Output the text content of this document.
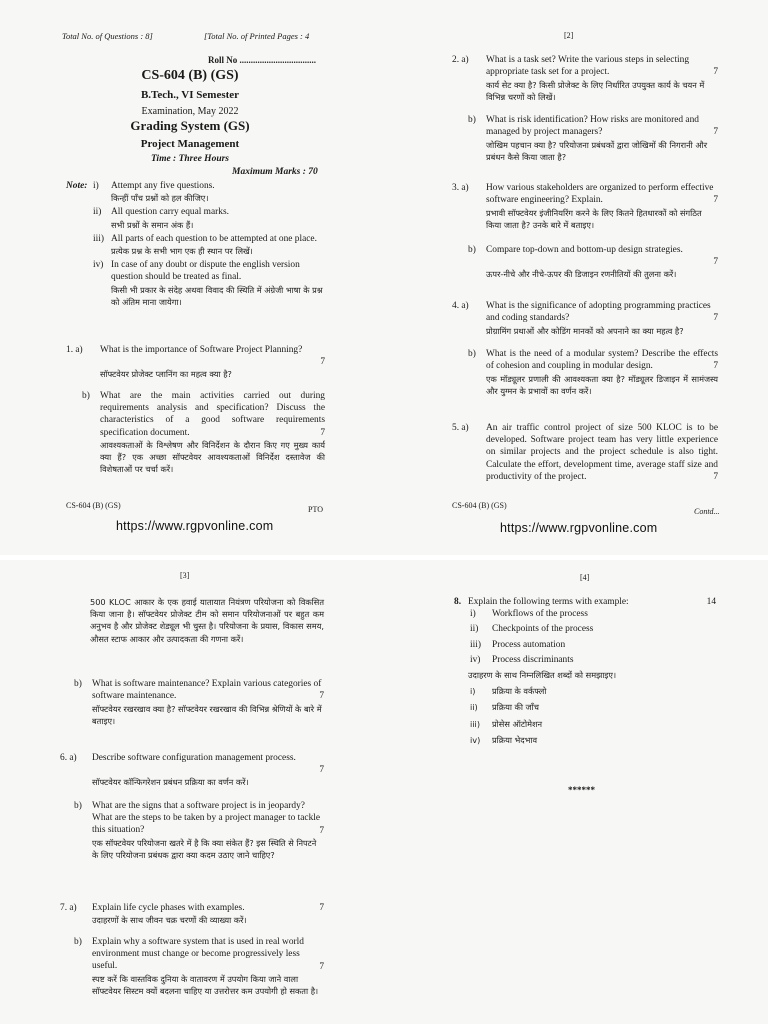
Total No. of Questions : 8]	[Total No. of Printed Pages : 4
Roll No ..................................
CS-604 (B) (GS)
B.Tech., VI Semester
Examination, May 2022
Grading System (GS)
Project Management
Time : Three Hours
Maximum Marks : 70
Note: i) Attempt any five questions.
किन्हीं पाँच प्रश्नों को हल कीजिए।
ii) All question carry equal marks.
सभी प्रश्नों के समान अंक हैं।
iii) All parts of each question to be attempted at one place.
प्रत्येक प्रश्न के सभी भाग एक ही स्थान पर लिखें।
iv) In case of any doubt or dispute the english version question should be treated as final.
किसी भी प्रकार के संदेह अथवा विवाद की स्थिति में अंग्रेजी भाषा के प्रश्न को अंतिम माना जायेगा।
1. a) What is the importance of Software Project Planning?
7
सॉफ्टवेयर प्रोजेक्ट प्लानिंग का महत्व क्या है?
b) What are the main activities carried out during requirements analysis and specification? Discuss the characteristics of a good software requirements specification document.	7
आवश्यकताओं के विश्लेषण और विनिर्देशन के दौरान किए गए मुख्य कार्य क्या हैं? एक अच्छा सॉफ्टवेयर आवश्यकताओं विनिर्देश दस्तावेज की विशेषताओं पर चर्चा करें।
CS-604 (B) (GS)	PTO
https://www.rgpvonline.com
[2]
2. a) What is a task set? Write the various steps in selecting appropriate task set for a project.	7
कार्य सेट क्या है? किसी प्रोजेक्ट के लिए निर्धारित उपयुक्त कार्य के चयन में विभिन्न चरणों को लिखें।
b) What is risk identification? How risks are monitored and managed by project managers?	7
जोखिम पहचान क्या है? परियोजना प्रबंधकों द्वारा जोखिमों की निगरानी और प्रबंधन कैसे किया जाता है?
3. a) How various stakeholders are organized to perform effective software engineering? Explain.	7
प्रभावी सॉफ्टवेयर इंजीनियरिंग करने के लिए कितने हितधारकों को संगठित किया जाता है? उनके बारे में बताइए।
b) Compare top-down and bottom-up design strategies.
7
ऊपर-नीचे और नीचे-ऊपर की डिजाइन रणनीतियों की तुलना करें।
4. a) What is the significance of adopting programming practices and coding standards?	7
प्रोग्रामिंग प्रथाओं और कोडिंग मानकों को अपनाने का क्या महत्व है?
b) What is the need of a modular system? Describe the effects of cohesion and coupling in modular design.	7
एक मॉड्यूलर प्रणाली की आवश्यकता क्या है? मॉड्यूलर डिजाइन में सामंजस्य और युग्मन के प्रभावों का वर्णन करें।
5. a) An air traffic control project of size 500 KLOC is to be developed. Software project team has very little experience on similar projects and the project schedule is also tight. Calculate the effort, development time, average staff size and productivity of the project.	7
CS-604 (B) (GS)
Contd...
https://www.rgpvonline.com
[3]
500 KLOC आकार के एक हवाई यातायात नियंत्रण परियोजना को विकसित किया जाना है। सॉफ्टवेयर प्रोजेक्ट टीम को समान परियोजनाओं पर बहुत कम अनुभव है और प्रोजेक्ट शेड्यूल भी चुस्त है। परियोजना के प्रयास, विकास समय, औसत स्टाफ आकार और उत्पादकता की गणना करें।
b) What is software maintenance? Explain various categories of software maintenance.	7
सॉफ्टवेयर रखरखाव क्या है? सॉफ्टवेयर रखरखाव की विभिन्न श्रेणियों के बारे में बताइए।
6. a) Describe software configuration management process.
7
सॉफ्टवेयर कॉन्फिगरेशन प्रबंधन प्रक्रिया का वर्णन करें।
b) What are the signs that a software project is in jeopardy? What are the steps to be taken by a project manager to tackle this situation?	7
एक सॉफ्टवेयर परियोजना खतरे में है कि क्या संकेत हैं? इस स्थिति से निपटने के लिए परियोजना प्रबंधक द्वारा क्या कदम उठाए जाने चाहिए?
7. a) Explain life cycle phases with examples.	7
उदाहरणों के साथ जीवन चक्र चरणों की व्याख्या करें।
b) Explain why a software system that is used in real world environment must change or become progressively less useful.	7
स्पष्ट करें कि वास्तविक दुनिया के वातावरण में उपयोग किया जाने वाला सॉफ्टवेयर सिस्टम क्यों बदलना चाहिए या उत्तरोत्तर कम उपयोगी हो सकता है।
[4]
8. Explain the following terms with example:	14
i) Workflows of the process
ii) Checkpoints of the process
iii) Process automation
iv) Process discriminants
उदाहरण के साथ निम्नलिखित शब्दों को समझाइए।
i) प्रक्रिया के वर्कफ्लो
ii) प्रक्रिया की जाँच
iii) प्रोसेस ऑटोमेशन
iv) प्रक्रिया भेदभाव
******
